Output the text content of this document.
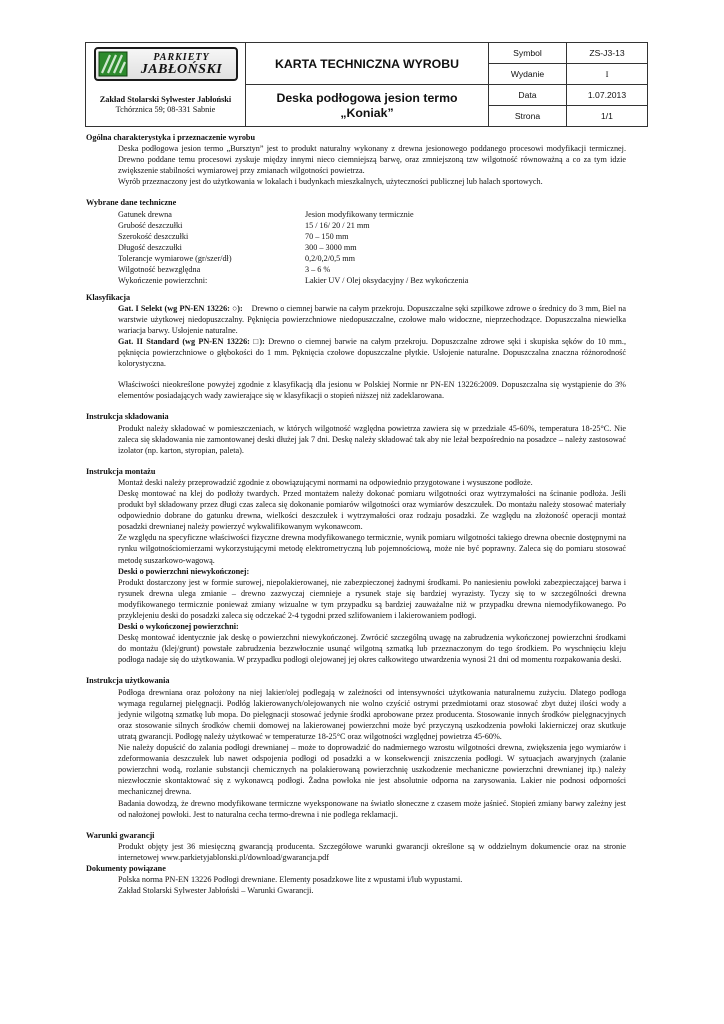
PARKIETY
JABŁOŃSKI	KARTA TECHNICZNA WYROBU	Symbol	ZS-J3-13
		Wydanie	I

Zakład Stolarski Sylwester Jabłoński
Tchórznica 59; 08-331 Sabnie	Deska podłogowa jesion termo
„Koniak”	Data	1.07.2013
		Strona	1/1

Ogólna charakterystyka i przeznaczenie wyrobu

Deska podłogowa jesion termo „Bursztyn” jest to produkt naturalny wykonany z drewna jesionowego poddanego procesowi modyfikacji termicznej. Drewno poddane temu procesowi zyskuje między innymi nieco ciemniejszą barwę, oraz zmniejszoną tzw wilgotność równoważną a co za tym idzie zwiększenie stabilności wymiarowej przy zmianach wilgotności powietrza.

Wyrób przeznaczony jest do użytkowania w lokalach i budynkach mieszkalnych, użyteczności publicznej lub halach sportowych.

Wybrane dane techniczne

Gatunek drewna	Jesion modyfikowany termicznie
Grubość deszczułki	15 / 16/ 20 / 21 mm
Szerokość deszczułki	70 – 150 mm
Długość deszczułki	300 – 3000 mm
Tolerancje wymiarowe (gr/szer/dł)	0,2/0,2/0,5 mm
Wilgotność bezwzględna	3 – 6 %
Wykończenie powierzchni:	Lakier UV / Olej oksydacyjny / Bez wykończenia

Klasyfikacja

Gat. I Selekt (wg PN-EN 13226: ○): Drewno o ciemnej barwie na całym przekroju. Dopuszczalne sęki szpilkowe zdrowe o średnicy do 3 mm, Biel na warstwie użytkowej niedopuszczalny. Pęknięcia powierzchniowe niedopuszczalne, czołowe mało widoczne, nieprzechodzące. Dopuszczalna niewielka wariacja barwy. Usłojenie naturalne.

Gat. II Standard (wg PN-EN 13226: □): Drewno o ciemnej barwie na całym przekroju. Dopuszczalne zdrowe sęki i skupiska sęków do 10 mm., pęknięcia powierzchniowe o głębokości do 1 mm. Pęknięcia czołowe dopuszczalne płytkie. Usłojenie naturalne. Dopuszczalna znaczna różnorodność kolorystyczna.

Właściwości nieokreślone powyżej zgodnie z klasyfikacją dla jesionu w Polskiej Normie nr PN-EN 13226:2009. Dopuszczalna się wystąpienie do 3% elementów posiadających wady zawierające się w klasyfikacji o stopień niższej niż zadeklarowana.

Instrukcja składowania

Produkt należy składować w pomieszczeniach, w których wilgotność względna powietrza zawiera się w przedziale 45-60%, temperatura 18-25°C. Nie zaleca się składowania nie zamontowanej deski dłużej jak 7 dni. Deskę należy składować tak aby nie leżał bezpośrednio na posadzce – należy zastosować izolator (np. karton, styropian, paleta).

Instrukcja montażu

Montaż deski należy przeprowadzić zgodnie z obowiązującymi normami na odpowiednio przygotowane i wysuszone podłoże.

Deskę montować na klej do podłoży twardych. Przed montażem należy dokonać pomiaru wilgotności oraz wytrzymałości na ścinanie podłoża. Jeśli produkt był składowany przez długi czas zaleca się dokonanie pomiarów wilgotności oraz wymiarów deszczułek. Do montażu należy stosować materiały odpowiednio dobrane do gatunku drewna, wielkości deszczułek i wytrzymałości oraz rodzaju posadzki. Ze względu na złożoność operacji montaż posadzki drewnianej należy powierzyć wykwalifikowanym wykonawcom.

Ze względu na specyficzne właściwości fizyczne drewna modyfikowanego termicznie, wynik pomiaru wilgotności takiego drewna obecnie dostępnymi na rynku wilgotnościomierzami wykorzystującymi metodę elektrometryczną lub pojemnościową, może nie być poprawny. Zaleca się do pomiaru stosować metodę suszarkowo-wagową.

Deski o powierzchni niewykończonej:

Produkt dostarczony jest w formie surowej, niepolakierowanej, nie zabezpieczonej żadnymi środkami. Po naniesieniu powłoki zabezpieczającej barwa i rysunek drewna ulega zmianie – drewno zazwyczaj ciemnieje a rysunek staje się bardziej wyrazisty. Tyczy się to w szczególności drewna modyfikowanego termicznie ponieważ zmiany wizualne w tym przypadku są bardziej zauważalne niż w przypadku drewna niemodyfikowanego. Po przyklejeniu deski do posadzki zaleca się odczekać 2-4 tygodni przed szlifowaniem i lakierowaniem podłogi.

Deski o wykończonej powierzchni:

Deskę montować identycznie jak deskę o powierzchni niewykończonej. Zwrócić szczególną uwagę na zabrudzenia wykończonej powierzchni środkami do montażu (klej/grunt) powstałe zabrudzenia bezzwłocznie usunąć wilgotną szmatką lub przeznaczonym do tego środkiem. Po wyschnięciu kleju podłoga nadaje się do użytkowania. W przypadku podłogi olejowanej jej okres całkowitego utwardzenia wynosi 21 dni od momentu rozpakowania deski.

Instrukcja użytkowania

Podłoga drewniana oraz położony na niej lakier/olej podlegają w zależności od intensywności użytkowania naturalnemu zużyciu. Dlatego podłoga wymaga regularnej pielęgnacji. Podłóg lakierowanych/olejowanych nie wolno czyścić ostrymi przedmiotami oraz stosować zbyt dużej ilości wody a jedynie wilgotną szmatkę lub mopa. Do pielęgnacji stosować jedynie środki aprobowane przez producenta. Stosowanie innych środków pielęgnacyjnych oraz stosowanie silnych środków chemii domowej na lakierowanej powierzchni może być przyczyną uszkodzenia powłoki lakierniczej oraz skutkuje utratą gwarancji. Podłogę należy użytkować w temperaturze 18-25°C oraz wilgotności względnej powietrza 45-60%.

Nie należy dopuścić do zalania podłogi drewnianej – może to doprowadzić do nadmiernego wzrostu wilgotności drewna, zwiększenia jego wymiarów i zdeformowania deszczułek lub nawet odspojenia podłogi od posadzki a w konsekwencji zniszczenia podłogi. W sytuacjach awaryjnych (zalanie powierzchni wodą, rozlanie substancji chemicznych na polakierowaną powierzchnię uszkodzenie mechaniczne powierzchni drewnianej itp.) należy niezwłocznie skontaktować się z wykonawcą podłogi. Żadna powłoka nie jest absolutnie odporna na zarysowania. Lakier nie podnosi odporności mechanicznej drewna.

Badania dowodzą, że drewno modyfikowane termiczne wyeksponowane na światło słoneczne z czasem może jaśnieć. Stopień zmiany barwy zależny jest od nałożonej powłoki. Jest to naturalna cecha termo-drewna i nie podlega reklamacji.

Warunki gwarancji

Produkt objęty jest 36 miesięczną gwarancją producenta. Szczegółowe warunki gwarancji określone są w oddzielnym dokumencie oraz na stronie internetowej www.parkietyjablonski.pl/download/gwarancja.pdf

Dokumenty powiązane

Polska norma PN-EN 13226 Podłogi drewniane. Elementy posadzkowe lite z wpustami i/lub wypustami.

Zakład Stolarski Sylwester Jabłoński – Warunki Gwarancji.
